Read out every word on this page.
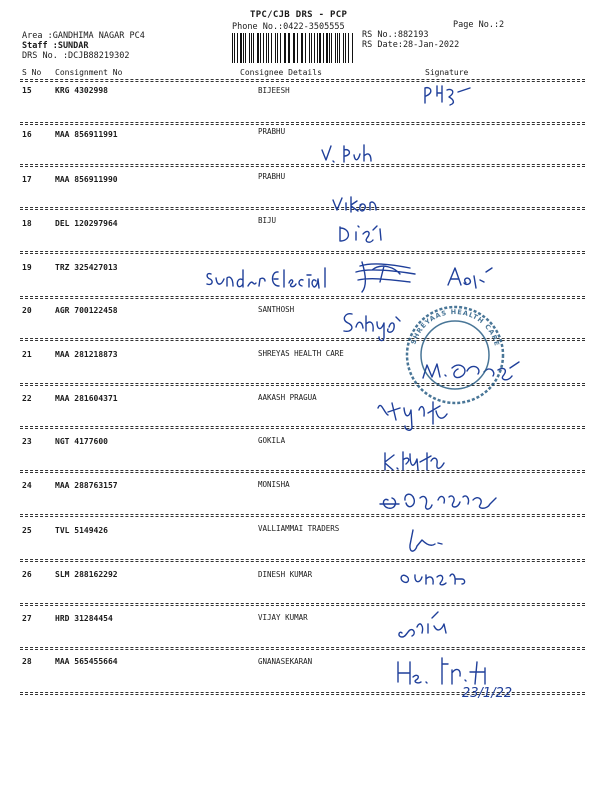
TPC/CJB DRS - PCP
Phone No.:0422-3505555	Page No.:2
Area :GANDHIMA NAGAR PC4
Staff :SUNDAR
DRS No. :DCJB88219302
RS No.:882193
RS Date:28-Jan-2022
S No Consignment No	Consignee Details	Signature
15	KRG 4302998	BIJEESH
16	MAA 856911991	PRABHU
17	MAA 856911990	PRABHU
18	DEL 120297964	BIJU
19	TRZ 325427013
20	AGR 700122458	SANTHOSH
21	MAA 281218873	SHREYAS HEALTH CARE
22	MAA 281604371	AAKASH PRAGUA
23	NGT 4177600	GOKILA
24	MAA 288763157	MONISHA
25	TVL 5149426	VALLIAMMAI TRADERS
26	SLM 288162292	DINESH KUMAR
27	HRD 31284454	VIJAY KUMAR
28	MAA 565455664	GNANASEKARAN
23/1/22
SHREYAAS HEALTH CARE
